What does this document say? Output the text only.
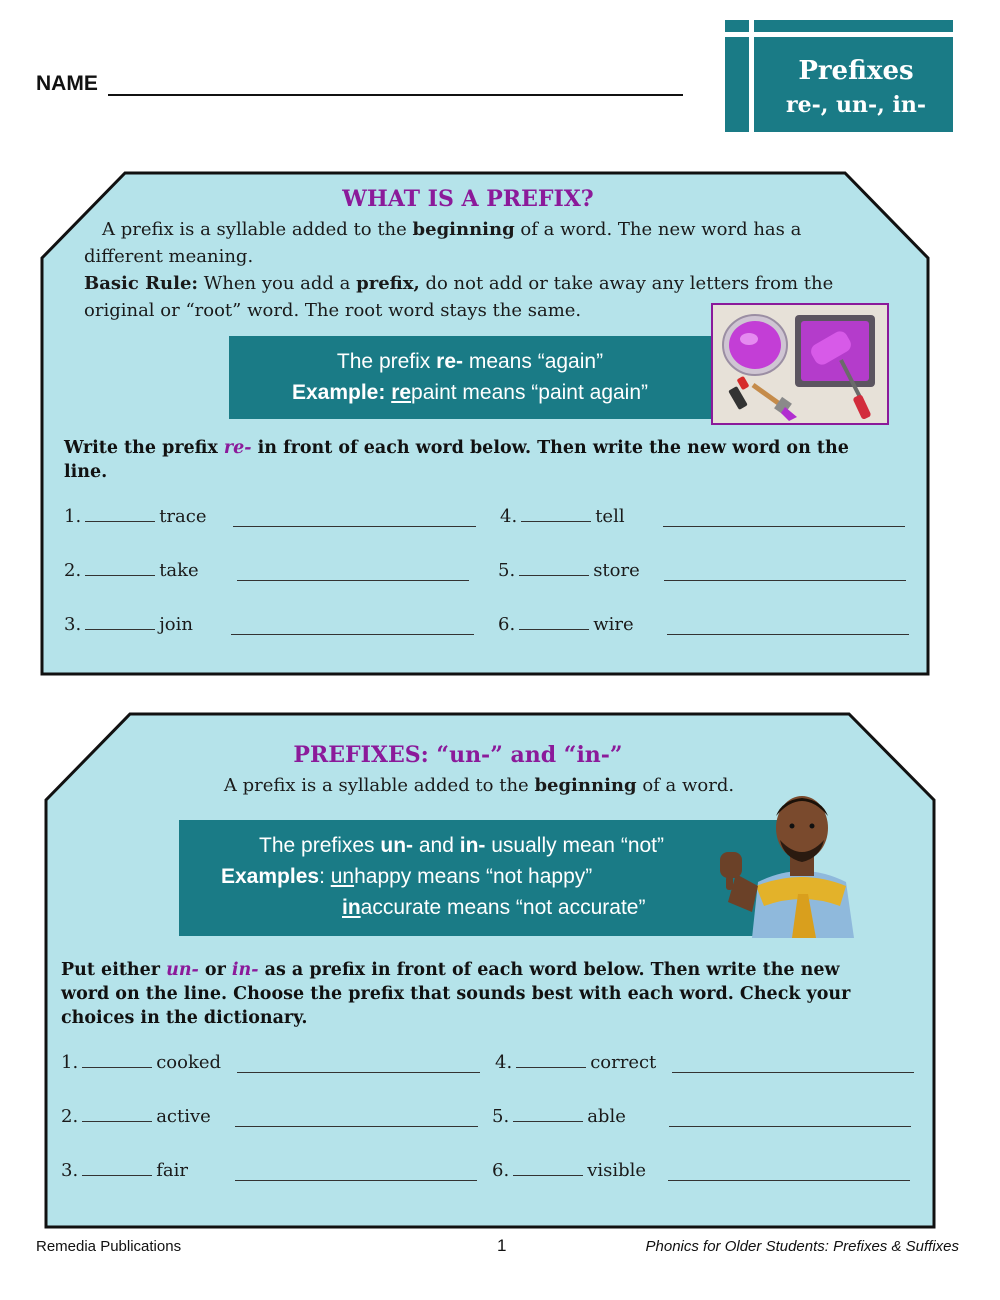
NAME	Prefixes
re-, un-, in-
WHAT IS A PREFIX?
A prefix is a syllable added to the beginning of a word. The new word has a
different meaning.
Basic Rule: When you add a prefix, do not add or take away any letters from the
original or “root” word. The root word stays the same.
The prefix re- means “again”
Example: repaint means “paint again”
Write the prefix re- in front of each word below. Then write the new word on the
line.
1.	trace
2.	take
3.	join
4.	tell
5.	store
6.	wire
PREFIXES: “un-” and “in-”
A prefix is a syllable added to the beginning of a word.
The prefixes un- and in- usually mean “not”
Examples: unhappy means “not happy”
inaccurate means “not accurate”
Put either un- or in- as a prefix in front of each word below. Then write the new
word on the line. Choose the prefix that sounds best with each word. Check your
choices in the dictionary.
1.	cooked
2.	active
3.	fair
4.	correct
5.	able
6.	visible
Remedia Publications	1	Phonics for Older Students: Prefixes & Suffixes
